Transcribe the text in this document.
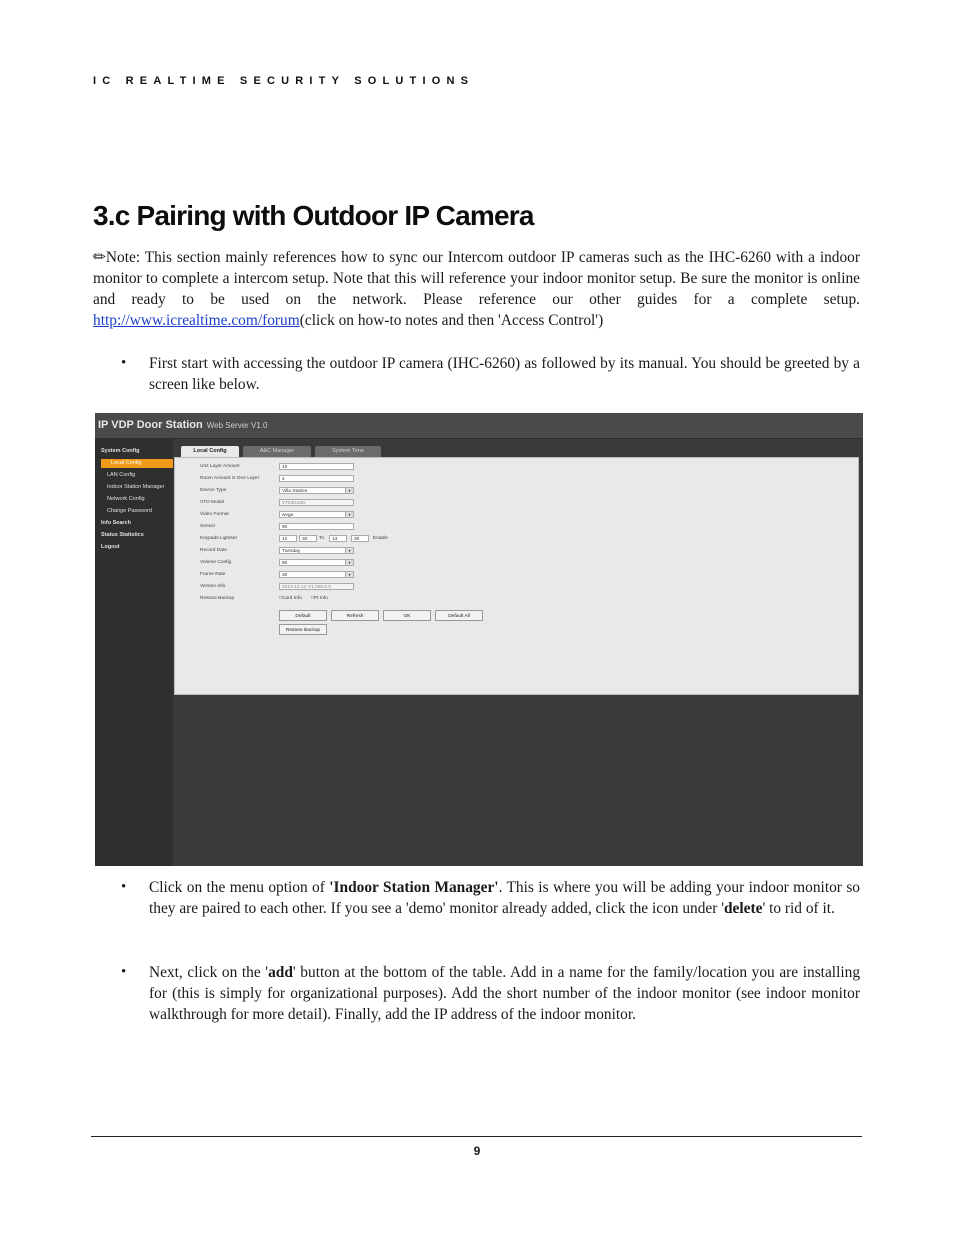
IC REALTIME SECURITY SOLUTIONS
3.c Pairing with Outdoor IP Camera

✏︎Note: This section mainly references how to sync our Intercom outdoor IP cameras such as the IHC-6260 with a indoor monitor to complete a intercom setup. Note that this will reference your indoor monitor setup. Be sure the monitor is online and ready to be used on the network. Please reference our other guides for a complete setup. http://www.icrealtime.com/forum(click on how-to notes and then 'Access Control')

• First start with accessing the outdoor IP camera (IHC-6260) as followed by its manual. You should be greeted by a screen like below.
IP VDP Door Station Web Server V1.0
System Config
Local Config
LAN Config
Indoor Station Manager
Network Config
Change Password
Info Search
Status Statistics
Logout
Local Config	A&C Manager	System Time
Unit Layer Amount	10
Room Amount in One Layer	4
Device Type	Villa Station	▾
VTO Model	VTO6110D
Video Format	wvga	▾
Sensor	90
Keypads Lightset	12	30	To	14	30	Enable
Record Date	Tuesday	▾
Volume Config	80	▾
Frame Rate	30	▾
Version Info	2013-12-12 V1.000.0.0
Restore Backup	□Card Info □Pt Info
Default	Refresh	OK	Default All
Restore Backup
• Click on the menu option of 'Indoor Station Manager'. This is where you will be adding your indoor monitor so they are paired to each other. If you see a 'demo' monitor already added, click the icon under 'delete' to rid of it.
• Next, click on the 'add' button at the bottom of the table. Add in a name for the family/location you are installing for (this is simply for organizational purposes). Add the short number of the indoor monitor (see indoor monitor walkthrough for more detail). Finally, add the IP address of the indoor monitor.
9
